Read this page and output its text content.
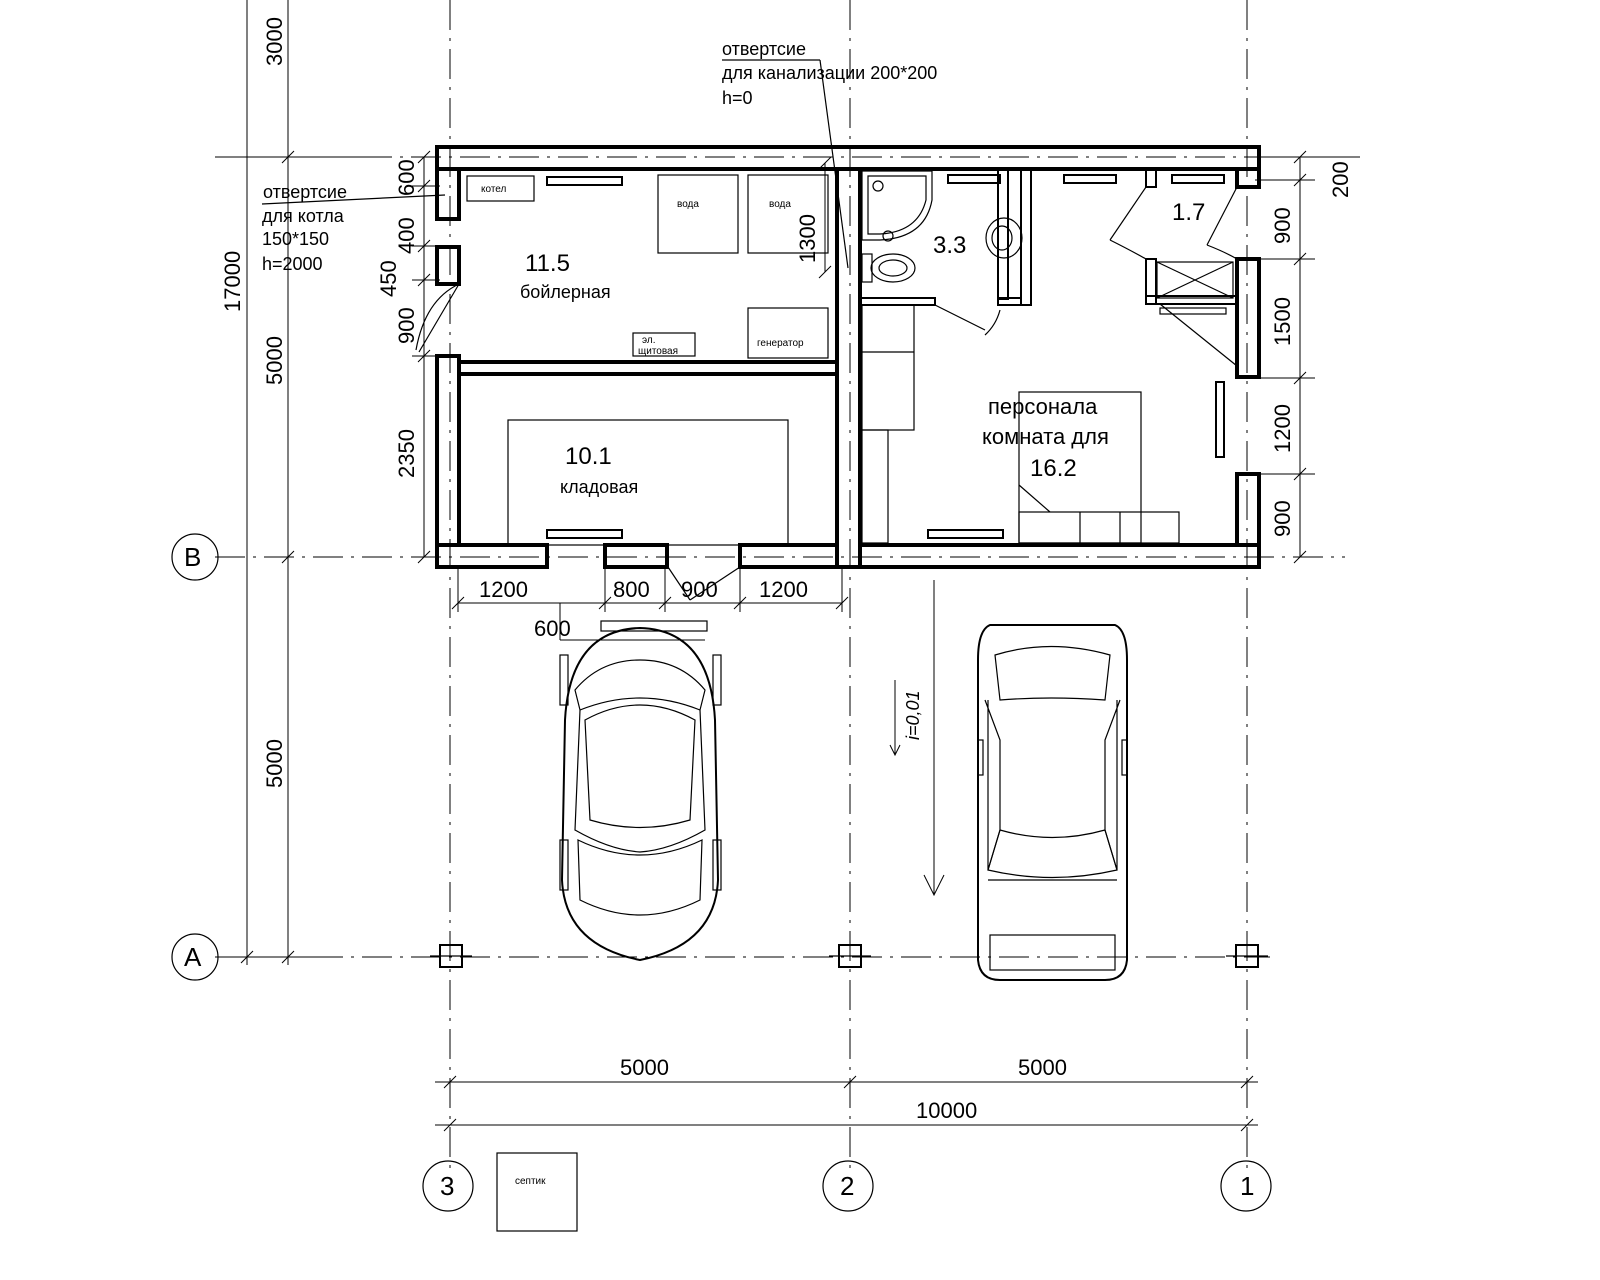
B
A
3	2	1
11.5
бойлерная
10.1
кладовая
3.3
1.7
персонала
комната для
16.2
котел
вода	вода
эл.
щитовая
генератор
септик
отвертсие
для канализации 200*200
h=0
отвертсие
для котла
150*150
h=2000
i=0,01
3000
17000
5000
5000
600
400
450
900
2350
1300
200
900
1500
1200
900
1200	800 900 1200
600
5000	5000
10000
